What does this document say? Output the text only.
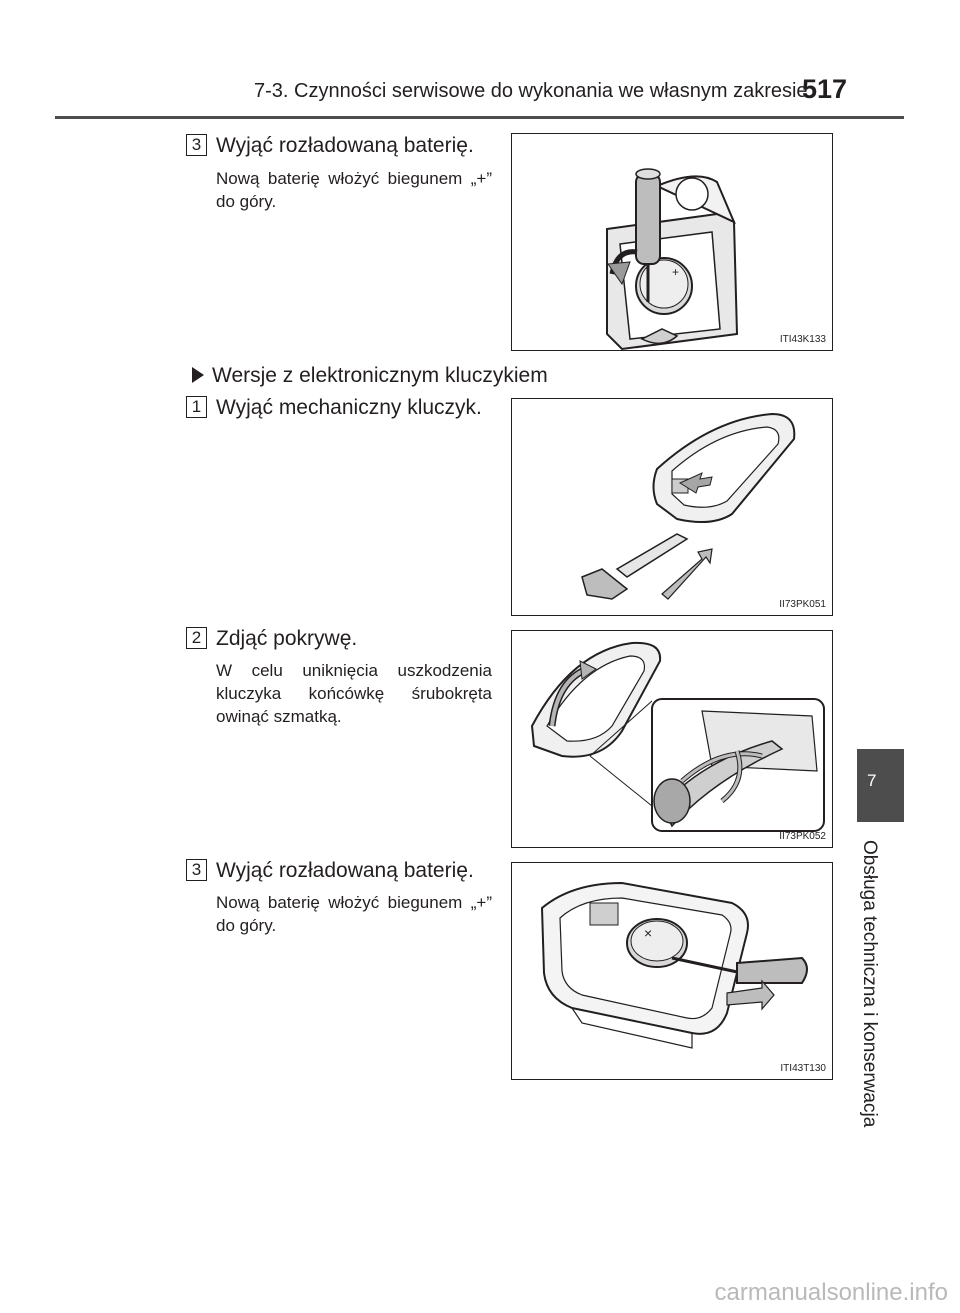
7-3. Czynności serwisowe do wykonania we własnym zakresie
517
7
Obsługa techniczna i konserwacja
3 Wyjąć rozładowaną baterię.
Nową baterię włożyć biegunem „+” do góry.
+
ITI43K133
Wersje z elektronicznym kluczykiem
1 Wyjąć mechaniczny kluczyk.
II73PK051
2 Zdjąć pokrywę.
W celu uniknięcia uszkodzenia kluczyka końcówkę śrubokręta owinąć szmatką.
II73PK052
3 Wyjąć rozładowaną baterię.
Nową baterię włożyć biegunem „+” do góry.	×
ITI43T130
carmanualsonline.info
